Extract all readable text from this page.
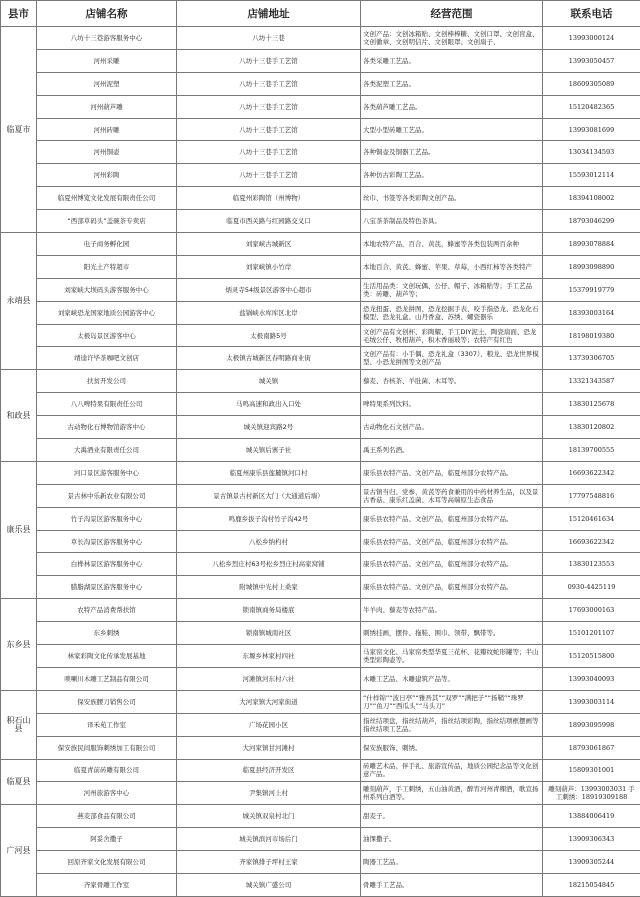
县市	店铺名称	店铺地址	经营范围	联系电话
临夏市	八坊十三巷游客服务中心	八坊十三巷	文创产品：文创冰箱贴、文创棒棒糖、文创口罩、文创盲盒、文创徽章、文创明信片、文创眼罩、文创扇子、	13993000124
	河州采雕	八坊十三巷手工艺馆	各类采雕工艺品。	13993050457
	河州泥塑	八坊十三巷手工艺馆	各类泥塑工艺品。	18609305089
	河州葫芦雕	八坊十三巷手工艺馆	各类葫芦雕工艺品。	15120482365
	河州砖雕	八坊十三巷手工艺馆	大型小型砖雕工艺品。	13993081699
	河州铜壶	八坊十三巷手工艺馆	各种铜壶及铜器工艺品。	13034134593
	河州彩陶	八坊十三巷手工艺馆	各种仿古彩陶工艺品。	15593012114
	临夏州博览文化发展有限责任公司	临夏州彩陶馆（州博物）	丝巾、书签等各类彩陶文创产品。	18394108002
	“西部草码头”盖碗茶专卖店	临夏市西关路与红园路交叉口	八宝茶茶制品及特色茶具。	18793046299
永靖县	电子商务孵化园	刘家峡古城新区	本地农特产品，百合、黄芪，蜂蜜等各类包装两百余种	18993078884
	阳光土产特超市	刘家峡镇小竹岸	本地百合、黄芪、蜂蜜、苹果、草莓，小西红柿等各类特产	18993098890
	刘家峡大坝码头游客服务中心	炳灵寺54级景区游客中心超市	生活用品类：文创玩偶、公仔、帽子、冰箱贴等；手工艺品类：砖雕、葫芦等；	15379919779
	刘家峡恐龙国家地质公园游客中心	盐锅峡水库库区北岸	恐龙扭蛋、恐龙拼图、恐龙挖掘手表、咬手指恐龙、恐龙化石模型、恐龙礼盒、山丹香盒、苏绣、螺瓷器乐	18393003164
	太极岛景区游客中心	太极南路5号	文创产品有文创杯、彩陶耀、手工DIY泥土、陶瓷扇面、恐龙毛绒公仔、牧相葫芦，积木香丽玻等；农特产有红色	18198019380
	靖逵许毕茶咖吧文创店	太极镇古城新区春明路商业街	文创产品有：小手偶、恐龙礼盒（3307）、粮龙、恐龙世界模型、小恐龙拼图等文创产品	13739306705
和政县	扶贫开发公司	城关镇	藜麦、杏核茶、羊肚菌、木耳等。	13321343587
	八八啤特果有限责任公司	马鸣高速和政出入口处	啤特果系列饮料。	13830125678
	古动物化石博物馆游客中心	城关镇迎宾路2号	古动物化石文创产品。	13830120802
	大禹酒业有限责任公司	城关镇后寨子社	禹王系列名酒。	18139700555
康乐县	河口景区游客服务中心	临夏州康乐县莲麓镇河口村	康乐县农特产品、文创产品，临夏州部分农特产品。	16693622342
	景古林中乐新农业有限公司	景古镇景古村新区大门（大通道后墙）	景古镇当归、党参、黄芪等药食兼用的中药材养生品，以及景古香菇、康乐红盖菌、木耳等高端原生态食品	17797548816
	竹子沟景区游客服务中心	鸣鹿乡拔子沟村竹子沟42号	康乐县农特产品、文创产品，临夏州部分农特产品。	15120461634
	草长沟景区游客服务中心	八松乡纳杓村	康乐县农特产品、文创产品，临夏州部分农特产品。	16693622342
	白桦林景区游客服务中心	八松乡烈庄村63号松乡烈庄村高家窝铺	康乐县农特产品、文创产品，临夏州部分农特产品。	13830123553
	腊脂湖景区游客服务中心	附城镇中光村上桑家	康乐县农特产品、文创产品，临夏州部分农特产品。	0930-4425119
东乡县	农特产品消费帮扶馆	锁南镇商务局楼底	牛羊肉、藜麦等农特产品。	17693000163
	东乡刺绣	锁南镇城南社区	刺绣挂画，摆件、拖鞋、围巾、领带、飘带等。	15101201107
	林家彩陶文化传承发展基地	东塬乡林家村四社	马家窑文化、马家窑类型华夏三花杯、花瓣纹蛇形罐等；半山类型彩陶壶等。	15120515800
	唢喇川木雕工艺制品有限公司	河滩镇河东村六社	木雕工艺品、木雕建筑产品等。	13993040093
积石山县	保安族腰刀销售公司	大河家镇大河家街道	“什样锦”“波日亭”“雅吾其”“双罗”“满把子”“扬鞘”“珠罗刀”“鱼刀”“西瓜头”“马头刀”	13993003114
	译禾苑工作室	广场花园小区	指丝结项盘，指丝结葫芦，指丝结项彩陶，指丝结项框摆画等指丝结项工艺品。	18993095998
	保安族民间服饰刺绣加工有限公司	大河家镇甘河滩村	保安族服饰、刺绣。	18793061867
临夏县	临夏青前砖雕有限公司	临夏县经济开发区	砖雕艺术品、伴手礼、旅游宣传品，地质公园纪念品等文化创意产品。	15809301001
	河州旅游客中心	尹集镇河上村	雕刻葫芦，手工刺绣，五山油黄酒，醉宵河州青稞酒，歌宣扬州系列白酒等。	雕刻葫芦：13993003031 手工刺绣：18919309188
广河县	燕麦部食品有限公司	城关镇双泉村北门	甜麦子。	13884006419
	阿妥舍撒子	城关镇滨河市场后门	油馃撒子。	13909306343
	回原齐家文化发展有限公司	齐家镇排子坪村王家	陶器工艺品。	13909305244
	齐家骨雕工作室	城关镇广盛公司	骨雕手工艺品。	18215054845
